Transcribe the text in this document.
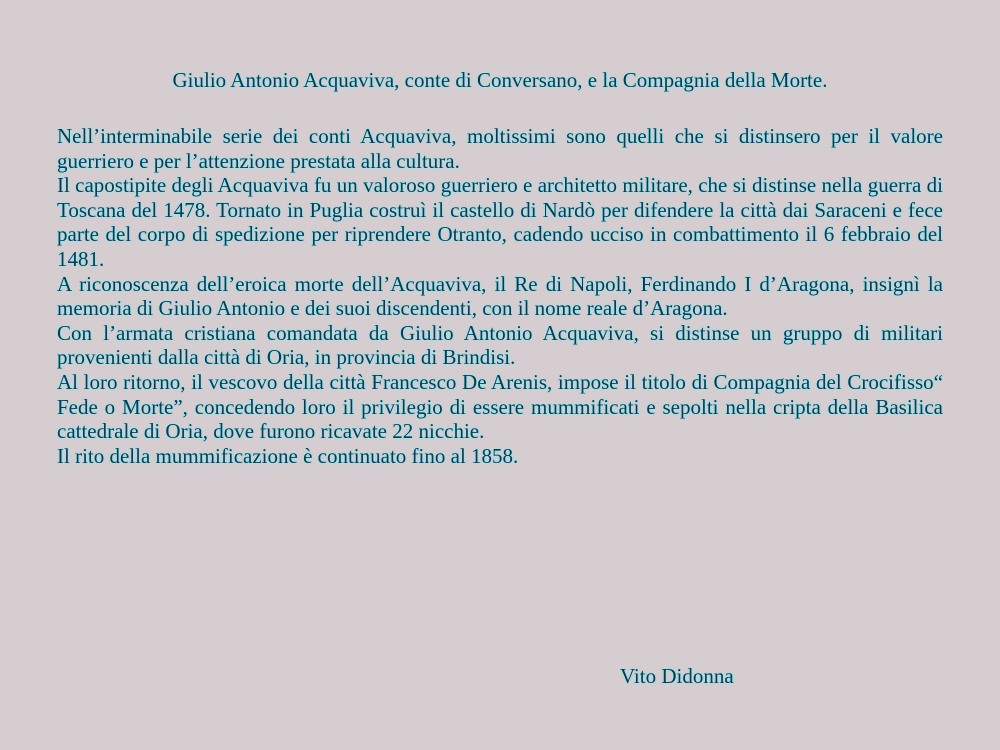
Giulio Antonio Acquaviva, conte di Conversano, e la Compagnia della Morte.

Nell’interminabile serie dei conti Acquaviva, moltissimi sono quelli che si distinsero per il valore guerriero e per l’attenzione prestata alla cultura.

Il capostipite degli Acquaviva fu un valoroso guerriero e architetto militare, che si distinse nella guerra di Toscana del 1478. Tornato in Puglia costruì il castello di Nardò per difendere la città dai Saraceni e fece parte del corpo di spedizione per riprendere Otranto, cadendo ucciso in combattimento il 6 febbraio del 1481.

A riconoscenza dell’eroica morte dell’Acquaviva, il Re di Napoli, Ferdinando I d’Aragona, insignì la memoria di Giulio Antonio e dei suoi discendenti, con il nome reale d’Aragona.

Con l’armata cristiana comandata da Giulio Antonio Acquaviva, si distinse un gruppo di militari provenienti dalla città di Oria, in provincia di Brindisi.

Al loro ritorno, il vescovo della città Francesco De Arenis, impose il titolo di Compagnia del Crocifisso“ Fede o Morte”, concedendo loro il privilegio di essere mummificati e sepolti nella cripta della Basilica cattedrale di Oria, dove furono ricavate 22 nicchie.

Il rito della mummificazione è continuato fino al 1858.

Vito Didonna
